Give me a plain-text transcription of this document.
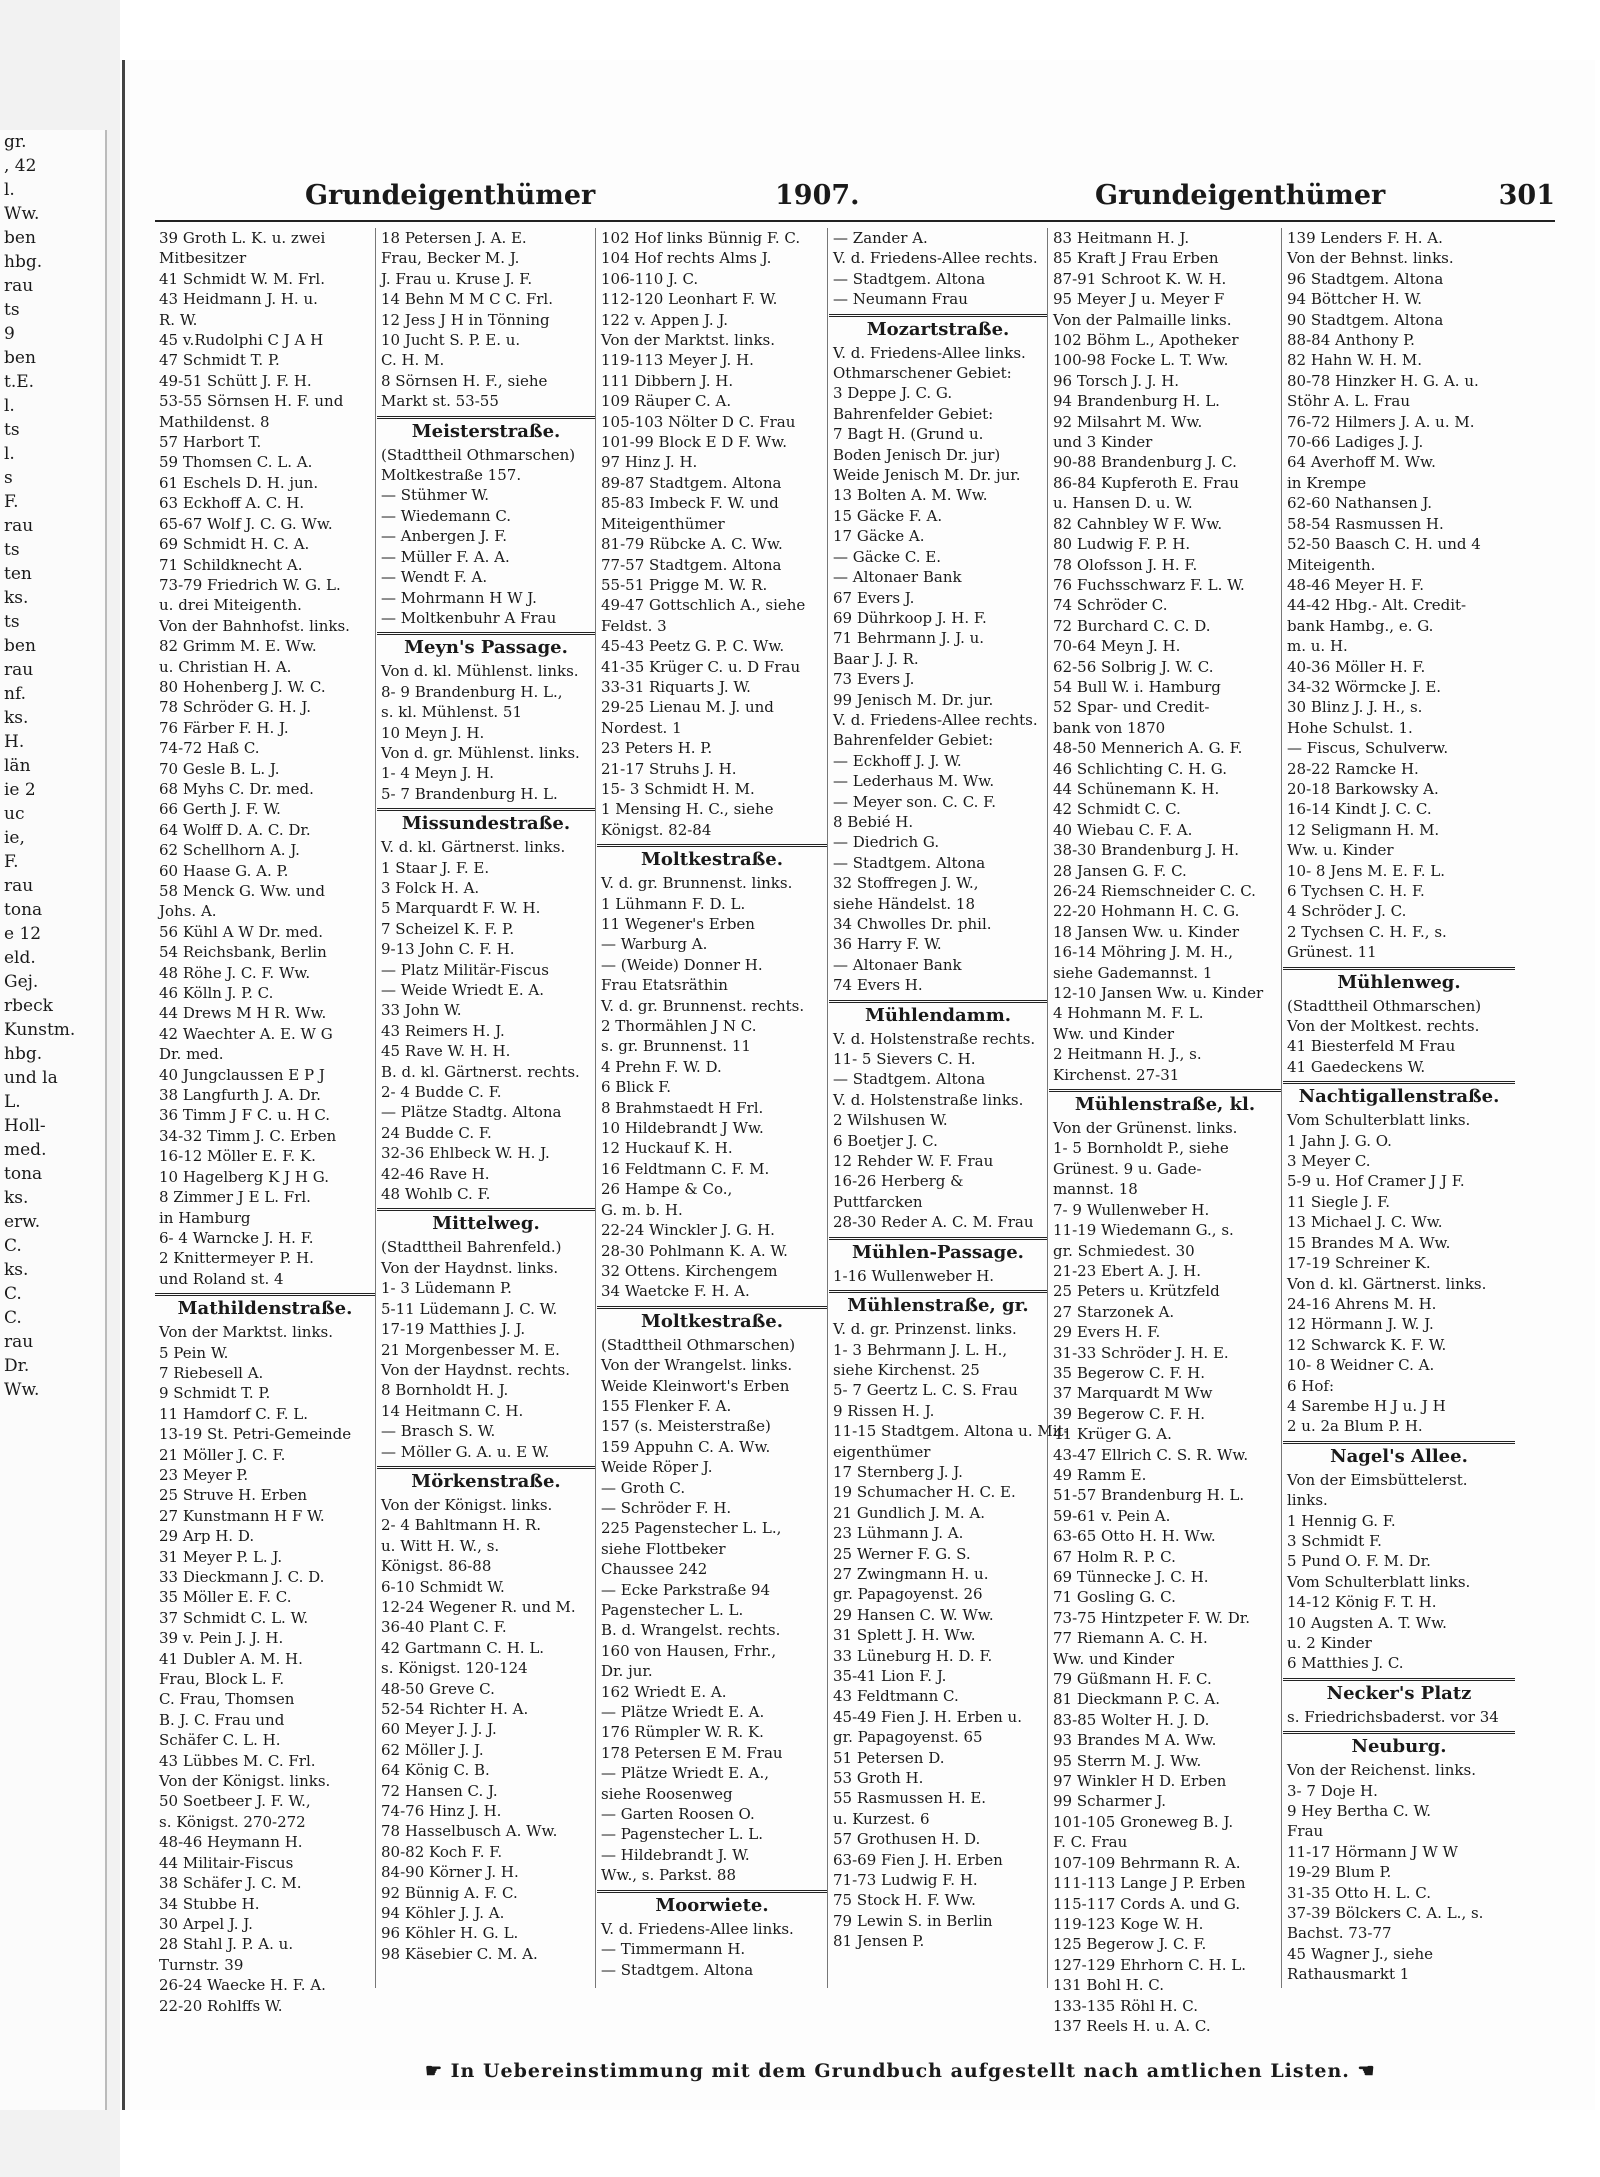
gr.
, 42
l.
Ww.
ben
hbg.
rau
ts
9
ben
t.E.
l.
ts
l.
s
F.
rau
ts
ten
ks.
ts
ben
rau
nf.
ks.
H.
län
ie 2
uc
ie,
F.
rau
tona
e 12
eld.
Gej.
rbeck
Kunstm.
hbg.
und la
L.
Holl-
med.
tona
ks.
erw.
C.
ks.
C.
C.
rau
Dr.
Ww.
Grundeigenthümer	1907.	Grundeigenthümer	301
39 Groth L. K. u. zwei
Mitbesitzer
41 Schmidt W. M. Frl.
43 Heidmann J. H. u.
R. W.
45 v.Rudolphi C J A H
47 Schmidt T. P.
49-51 Schütt J. F. H.
53-55 Sörnsen H. F. und
Mathildenst. 8
57 Harbort T.
59 Thomsen C. L. A.
61 Eschels D. H. jun.
63 Eckhoff A. C. H.
65-67 Wolf J. C. G. Ww.
69 Schmidt H. C. A.
71 Schildknecht A.
73-79 Friedrich W. G. L.
u. drei Miteigenth.
Von der Bahnhofst. links.
82 Grimm M. E. Ww.
u. Christian H. A.
80 Hohenberg J. W. C.
78 Schröder G. H. J.
76 Färber F. H. J.
74-72 Haß C.
70 Gesle B. L. J.
68 Myhs C. Dr. med.
66 Gerth J. F. W.
64 Wolff D. A. C. Dr.
62 Schellhorn A. J.
60 Haase G. A. P.
58 Menck G. Ww. und
Johs. A.
56 Kühl A W Dr. med.
54 Reichsbank, Berlin
48 Röhe J. C. F. Ww.
46 Kölln J. P. C.
44 Drews M H R. Ww.
42 Waechter A. E. W G
Dr. med.
40 Jungclaussen E P J
38 Langfurth J. A. Dr.
36 Timm J F C. u. H C.
34-32 Timm J. C. Erben
16-12 Möller E. F. K.
10 Hagelberg K J H G.
8 Zimmer J E L. Frl.
in Hamburg
6- 4 Warncke J. H. F.
2 Knittermeyer P. H.
und Roland st. 4
Mathildenstraße.
Von der Marktst. links.
5 Pein W.
7 Riebesell A.
9 Schmidt T. P.
11 Hamdorf C. F. L.
13-19 St. Petri-Gemeinde
21 Möller J. C. F.
23 Meyer P.
25 Struve H. Erben
27 Kunstmann H F W.
29 Arp H. D.
31 Meyer P. L. J.
33 Dieckmann J. C. D.
35 Möller E. F. C.
37 Schmidt C. L. W.
39 v. Pein J. J. H.
41 Dubler A. M. H.
Frau, Block L. F.
C. Frau, Thomsen
B. J. C. Frau und
Schäfer C. L. H.
43 Lübbes M. C. Frl.
Von der Königst. links.
50 Soetbeer J. F. W.,
s. Königst. 270-272
48-46 Heymann H.
44 Militair-Fiscus
38 Schäfer J. C. M.
34 Stubbe H.
30 Arpel J. J.
28 Stahl J. P. A. u.
Turnstr. 39
26-24 Waecke H. F. A.
22-20 Rohlffs W.
18 Petersen J. A. E.
Frau, Becker M. J.
J. Frau u. Kruse J. F.
14 Behn M M C C. Frl.
12 Jess J H in Tönning
10 Jucht S. P. E. u.
C. H. M.
8 Sörnsen H. F., siehe
Markt st. 53-55
Meisterstraße.
(Stadttheil Othmarschen)
Moltkestraße 157.
— Stühmer W.
— Wiedemann C.
— Anbergen J. F.
— Müller F. A. A.
— Wendt F. A.
— Mohrmann H W J.
— Moltkenbuhr A Frau
Meyn's Passage.
Von d. kl. Mühlenst. links.
8- 9 Brandenburg H. L.,
s. kl. Mühlenst. 51
10 Meyn J. H.
Von d. gr. Mühlenst. links.
1- 4 Meyn J. H.
5- 7 Brandenburg H. L.
Missundestraße.
V. d. kl. Gärtnerst. links.
1 Staar J. F. E.
3 Folck H. A.
5 Marquardt F. W. H.
7 Scheizel K. F. P.
9-13 John C. F. H.
— Platz Militär-Fiscus
— Weide Wriedt E. A.
33 John W.
43 Reimers H. J.
45 Rave W. H. H.
B. d. kl. Gärtnerst. rechts.
2- 4 Budde C. F.
— Plätze Stadtg. Altona
24 Budde C. F.
32-36 Ehlbeck W. H. J.
42-46 Rave H.
48 Wohlb C. F.
Mittelweg.
(Stadttheil Bahrenfeld.)
Von der Haydnst. links.
1- 3 Lüdemann P.
5-11 Lüdemann J. C. W.
17-19 Matthies J. J.
21 Morgenbesser M. E.
Von der Haydnst. rechts.
8 Bornholdt H. J.
14 Heitmann C. H.
— Brasch S. W.
— Möller G. A. u. E W.
Mörkenstraße.
Von der Königst. links.
2- 4 Bahltmann H. R.
u. Witt H. W., s.
Königst. 86-88
6-10 Schmidt W.
12-24 Wegener R. und M.
36-40 Plant C. F.
42 Gartmann C. H. L.
s. Königst. 120-124
48-50 Greve C.
52-54 Richter H. A.
60 Meyer J. J. J.
62 Möller J. J.
64 König C. B.
72 Hansen C. J.
74-76 Hinz J. H.
78 Hasselbusch A. Ww.
80-82 Koch F. F.
84-90 Körner J. H.
92 Bünnig A. F. C.
94 Köhler J. J. A.
96 Köhler H. G. L.
98 Käsebier C. M. A.
102 Hof links Bünnig F. C.
104 Hof rechts Alms J.
106-110 J. C.
112-120 Leonhart F. W.
122 v. Appen J. J.
Von der Marktst. links.
119-113 Meyer J. H.
111 Dibbern J. H.
109 Räuper C. A.
105-103 Nölter D C. Frau
101-99 Block E D F. Ww.
97 Hinz J. H.
89-87 Stadtgem. Altona
85-83 Imbeck F. W. und
Miteigenthümer
81-79 Rübcke A. C. Ww.
77-57 Stadtgem. Altona
55-51 Prigge M. W. R.
49-47 Gottschlich A., siehe
Feldst. 3
45-43 Peetz G. P. C. Ww.
41-35 Krüger C. u. D Frau
33-31 Riquarts J. W.
29-25 Lienau M. J. und
Nordest. 1
23 Peters H. P.
21-17 Struhs J. H.
15- 3 Schmidt H. M.
1 Mensing H. C., siehe
Königst. 82-84
Moltkestraße.
V. d. gr. Brunnenst. links.
1 Lühmann F. D. L.
11 Wegener's Erben
— Warburg A.
— (Weide) Donner H.
Frau Etatsräthin
V. d. gr. Brunnenst. rechts.
2 Thormählen J N C.
s. gr. Brunnenst. 11
4 Prehn F. W. D.
6 Blick F.
8 Brahmstaedt H Frl.
10 Hildebrandt J Ww.
12 Huckauf K. H.
16 Feldtmann C. F. M.
26 Hampe & Co.,
G. m. b. H.
22-24 Winckler J. G. H.
28-30 Pohlmann K. A. W.
32 Ottens. Kirchengem
34 Waetcke F. H. A.
Moltkestraße.
(Stadttheil Othmarschen)
Von der Wrangelst. links.
Weide Kleinwort's Erben
155 Flenker F. A.
157 (s. Meisterstraße)
159 Appuhn C. A. Ww.
Weide Röper J.
— Groth C.
— Schröder F. H.
225 Pagenstecher L. L.,
siehe Flottbeker
Chaussee 242
— Ecke Parkstraße 94
Pagenstecher L. L.
B. d. Wrangelst. rechts.
160 von Hausen, Frhr.,
Dr. jur.
162 Wriedt E. A.
— Plätze Wriedt E. A.
176 Rümpler W. R. K.
178 Petersen E M. Frau
— Plätze Wriedt E. A.,
siehe Roosenweg
— Garten Roosen O.
— Pagenstecher L. L.
— Hildebrandt J. W.
Ww., s. Parkst. 88
Moorwiete.
V. d. Friedens-Allee links.
— Timmermann H.
— Stadtgem. Altona
— Zander A.
V. d. Friedens-Allee rechts.
— Stadtgem. Altona
— Neumann Frau
Mozartstraße.
V. d. Friedens-Allee links.
Othmarschener Gebiet:
3 Deppe J. C. G.
Bahrenfelder Gebiet:
7 Bagt H. (Grund u.
Boden Jenisch Dr. jur)
Weide Jenisch M. Dr. jur.
13 Bolten A. M. Ww.
15 Gäcke F. A.
17 Gäcke A.
— Gäcke C. E.
— Altonaer Bank
67 Evers J.
69 Dührkoop J. H. F.
71 Behrmann J. J. u.
Baar J. J. R.
73 Evers J.
99 Jenisch M. Dr. jur.
V. d. Friedens-Allee rechts.
Bahrenfelder Gebiet:
— Eckhoff J. J. W.
— Lederhaus M. Ww.
— Meyer son. C. C. F.
8 Bebié H.
— Diedrich G.
— Stadtgem. Altona
32 Stoffregen J. W.,
siehe Händelst. 18
34 Chwolles Dr. phil.
36 Harry F. W.
— Altonaer Bank
74 Evers H.
Mühlendamm.
V. d. Holstenstraße rechts.
11- 5 Sievers C. H.
— Stadtgem. Altona
V. d. Holstenstraße links.
2 Wilshusen W.
6 Boetjer J. C.
12 Rehder W. F. Frau
16-26 Herberg &
Puttfarcken
28-30 Reder A. C. M. Frau
Mühlen-Passage.
1-16 Wullenweber H.
Mühlenstraße, gr.
V. d. gr. Prinzenst. links.
1- 3 Behrmann J. L. H.,
siehe Kirchenst. 25
5- 7 Geertz L. C. S. Frau
9 Rissen H. J.
11-15 Stadtgem. Altona u. Mit-
eigenthümer
17 Sternberg J. J.
19 Schumacher H. C. E.
21 Gundlich J. M. A.
23 Lühmann J. A.
25 Werner F. G. S.
27 Zwingmann H. u.
gr. Papagoyenst. 26
29 Hansen C. W. Ww.
31 Splett J. H. Ww.
33 Lüneburg H. D. F.
35-41 Lion F. J.
43 Feldtmann C.
45-49 Fien J. H. Erben u.
gr. Papagoyenst. 65
51 Petersen D.
53 Groth H.
55 Rasmussen H. E.
u. Kurzest. 6
57 Grothusen H. D.
63-69 Fien J. H. Erben
71-73 Ludwig F. H.
75 Stock H. F. Ww.
79 Lewin S. in Berlin
81 Jensen P.
83 Heitmann H. J.
85 Kraft J Frau Erben
87-91 Schroot K. W. H.
95 Meyer J u. Meyer F
Von der Palmaille links.
102 Böhm L., Apotheker
100-98 Focke L. T. Ww.
96 Torsch J. J. H.
94 Brandenburg H. L.
92 Milsahrt M. Ww.
und 3 Kinder
90-88 Brandenburg J. C.
86-84 Kupferoth E. Frau
u. Hansen D. u. W.
82 Cahnbley W F. Ww.
80 Ludwig F. P. H.
78 Olofsson J. H. F.
76 Fuchsschwarz F. L. W.
74 Schröder C.
72 Burchard C. C. D.
70-64 Meyn J. H.
62-56 Solbrig J. W. C.
54 Bull W. i. Hamburg
52 Spar- und Credit-
bank von 1870
48-50 Mennerich A. G. F.
46 Schlichting C. H. G.
44 Schünemann K. H.
42 Schmidt C. C.
40 Wiebau C. F. A.
38-30 Brandenburg J. H.
28 Jansen G. F. C.
26-24 Riemschneider C. C.
22-20 Hohmann H. C. G.
18 Jansen Ww. u. Kinder
16-14 Möhring J. M. H.,
siehe Gademannst. 1
12-10 Jansen Ww. u. Kinder
4 Hohmann M. F. L.
Ww. und Kinder
2 Heitmann H. J., s.
Kirchenst. 27-31
Mühlenstraße, kl.
Von der Grünenst. links.
1- 5 Bornholdt P., siehe
Grünest. 9 u. Gade-
mannst. 18
7- 9 Wullenweber H.
11-19 Wiedemann G., s.
gr. Schmiedest. 30
21-23 Ebert A. J. H.
25 Peters u. Krützfeld
27 Starzonek A.
29 Evers H. F.
31-33 Schröder J. H. E.
35 Begerow C. F. H.
37 Marquardt M Ww
39 Begerow C. F. H.
41 Krüger G. A.
43-47 Ellrich C. S. R. Ww.
49 Ramm E.
51-57 Brandenburg H. L.
59-61 v. Pein A.
63-65 Otto H. H. Ww.
67 Holm R. P. C.
69 Tünnecke J. C. H.
71 Gosling G. C.
73-75 Hintzpeter F. W. Dr.
77 Riemann A. C. H.
Ww. und Kinder
79 Güßmann H. F. C.
81 Dieckmann P. C. A.
83-85 Wolter H. J. D.
93 Brandes M A. Ww.
95 Sterrn M. J. Ww.
97 Winkler H D. Erben
99 Scharmer J.
101-105 Groneweg B. J.
F. C. Frau
107-109 Behrmann R. A.
111-113 Lange J P. Erben
115-117 Cords A. und G.
119-123 Koge W. H.
125 Begerow J. C. F.
127-129 Ehrhorn C. H. L.
131 Bohl H. C.
133-135 Röhl H. C.
137 Reels H. u. A. C.
139 Lenders F. H. A.
Von der Behnst. links.
96 Stadtgem. Altona
94 Böttcher H. W.
90 Stadtgem. Altona
88-84 Anthony P.
82 Hahn W. H. M.
80-78 Hinzker H. G. A. u.
Stöhr A. L. Frau
76-72 Hilmers J. A. u. M.
70-66 Ladiges J. J.
64 Averhoff M. Ww.
in Krempe
62-60 Nathansen J.
58-54 Rasmussen H.
52-50 Baasch C. H. und 4
Miteigenth.
48-46 Meyer H. F.
44-42 Hbg.- Alt. Credit-
bank Hambg., e. G.
m. u. H.
40-36 Möller H. F.
34-32 Wörmcke J. E.
30 Blinz J. J. H., s.
Hohe Schulst. 1.
— Fiscus, Schulverw.
28-22 Ramcke H.
20-18 Barkowsky A.
16-14 Kindt J. C. C.
12 Seligmann H. M.
Ww. u. Kinder
10- 8 Jens M. E. F. L.
6 Tychsen C. H. F.
4 Schröder J. C.
2 Tychsen C. H. F., s.
Grünest. 11
Mühlenweg.
(Stadttheil Othmarschen)
Von der Moltkest. rechts.
41 Biesterfeld M Frau
41 Gaedeckens W.
Nachtigallenstraße.
Vom Schulterblatt links.
1 Jahn J. G. O.
3 Meyer C.
5-9 u. Hof Cramer J J F.
11 Siegle J. F.
13 Michael J. C. Ww.
15 Brandes M A. Ww.
17-19 Schreiner K.
Von d. kl. Gärtnerst. links.
24-16 Ahrens M. H.
12 Hörmann J. W. J.
12 Schwarck K. F. W.
10- 8 Weidner C. A.
6 Hof:
4 Sarembe H J u. J H
2 u. 2a Blum P. H.
Nagel's Allee.
Von der Eimsbüttelerst.
links.
1 Hennig G. F.
3 Schmidt F.
5 Pund O. F. M. Dr.
Vom Schulterblatt links.
14-12 König F. T. H.
10 Augsten A. T. Ww.
u. 2 Kinder
6 Matthies J. C.
Necker's Platz
s. Friedrichsbaderst. vor 34
Neuburg.
Von der Reichenst. links.
3- 7 Doje H.
9 Hey Bertha C. W.
Frau
11-17 Hörmann J W W
19-29 Blum P.
31-35 Otto H. L. C.
37-39 Bölckers C. A. L., s.
Bachst. 73-77
45 Wagner J., siehe
Rathausmarkt 1
☛ In Uebereinstimmung mit dem Grundbuch aufgestellt nach amtlichen Listen. ☚
